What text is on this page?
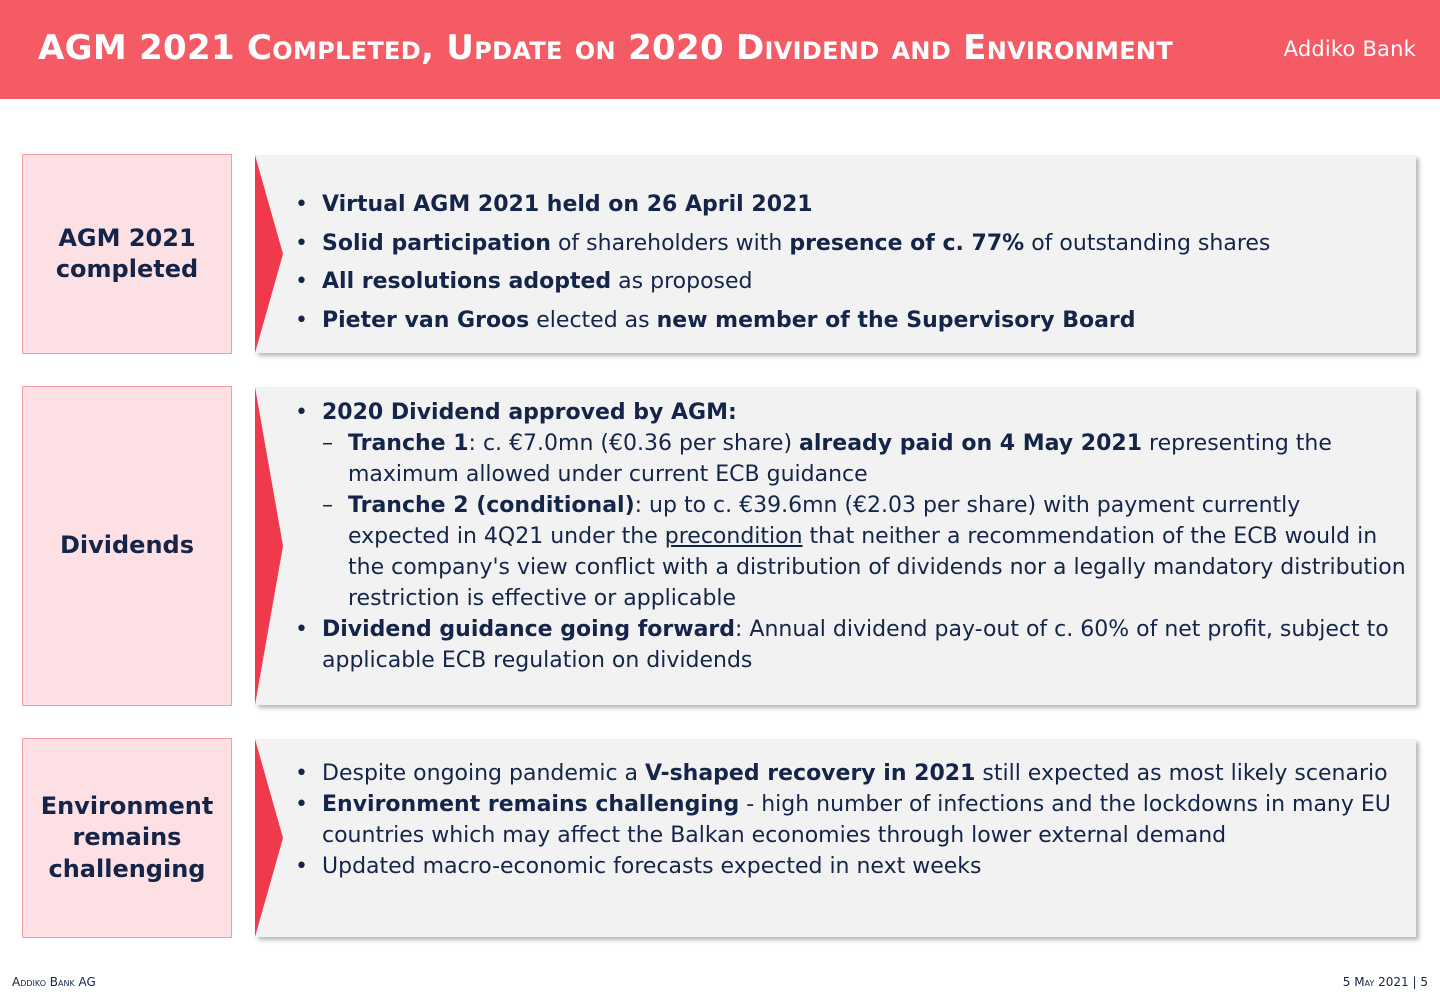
AGM 2021 Completed, Update on 2020 Dividend and Environment	Addiko Bank
AGM 2021
completed
• Virtual AGM 2021 held on 26 April 2021
• Solid participation of shareholders with presence of c. 77% of outstanding shares
• All resolutions adopted as proposed
• Pieter van Groos elected as new member of the Supervisory Board
Dividends
• 2020 Dividend approved by AGM:
– Tranche 1: c. €7.0mn (€0.36 per share) already paid on 4 May 2021 representing the maximum allowed under current ECB guidance
– Tranche 2 (conditional): up to c. €39.6mn (€2.03 per share) with payment currently expected in 4Q21 under the precondition that neither a recommendation of the ECB would in the company's view conflict with a distribution of dividends nor a legally mandatory distribution restriction is effective or applicable
• Dividend guidance going forward: Annual dividend pay-out of c. 60% of net profit, subject to applicable ECB regulation on dividends
Environment
remains
challenging
• Despite ongoing pandemic a V-shaped recovery in 2021 still expected as most likely scenario
• Environment remains challenging - high number of infections and the lockdowns in many EU countries which may affect the Balkan economies through lower external demand
• Updated macro-economic forecasts expected in next weeks
Addiko Bank AG	5 May 2021 | 5
